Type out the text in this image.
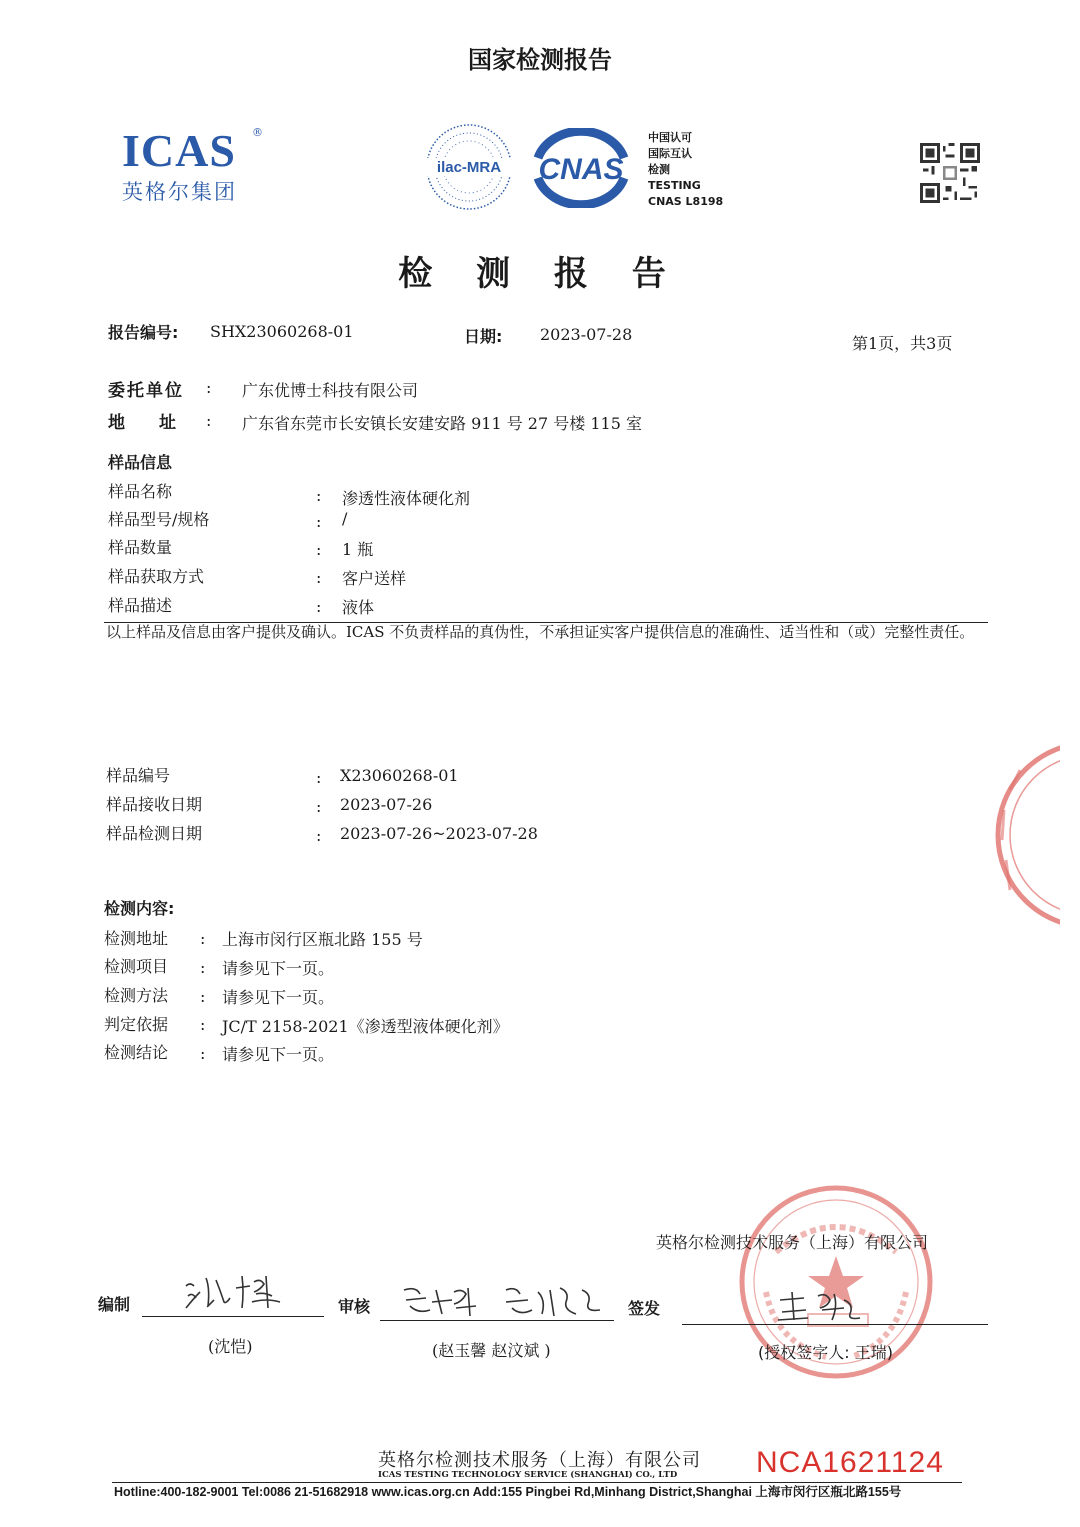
国家检测报告
ICAS ®
英格尔集团
ilac-MRA CNAS
中国认可
国际互认
检测
TESTING
CNAS L8198
检 测 报 告
报告编号: SHX23060268-01	日期: 2023-07-28	第1页，共3页
委托单位 : 广东优博士科技有限公司
地　　址 : 广东省东莞市长安镇长安建安路 911 号 27 号楼 115 室
样品信息
样品名称	: 渗透性液体硬化剂
样品型号/规格	: /
样品数量	: 1 瓶
样品获取方式	: 客户送样
样品描述	: 液体
以上样品及信息由客户提供及确认。ICAS 不负责样品的真伪性，不承担证实客户提供信息的准确性、适当性和（或）完整性责任。
样品编号	: X23060268-01
样品接收日期	: 2023-07-26
样品检测日期	: 2023-07-26~2023-07-28
检测内容:
检测地址 : 上海市闵行区瓶北路 155 号
检测项目 : 请参见下一页。
检测方法 : 请参见下一页。
判定依据 : JC/T 2158-2021《渗透型液体硬化剂》
检测结论 : 请参见下一页。
英格尔检测技术服务（上海）有限公司
编制
(沈恺)
审核
(赵玉馨 赵汶斌 )
签发
(授权签字人: 王瑞)
英格尔检测技术服务（上海）有限公司
ICAS TESTING TECHNOLOGY SERVICE (SHANGHAI) CO., LTD	NCA1621124
Hotline:400-182-9001 Tel:0086 21-51682918 www.icas.org.cn Add:155 Pingbei Rd,Minhang District,Shanghai 上海市闵行区瓶北路155号
